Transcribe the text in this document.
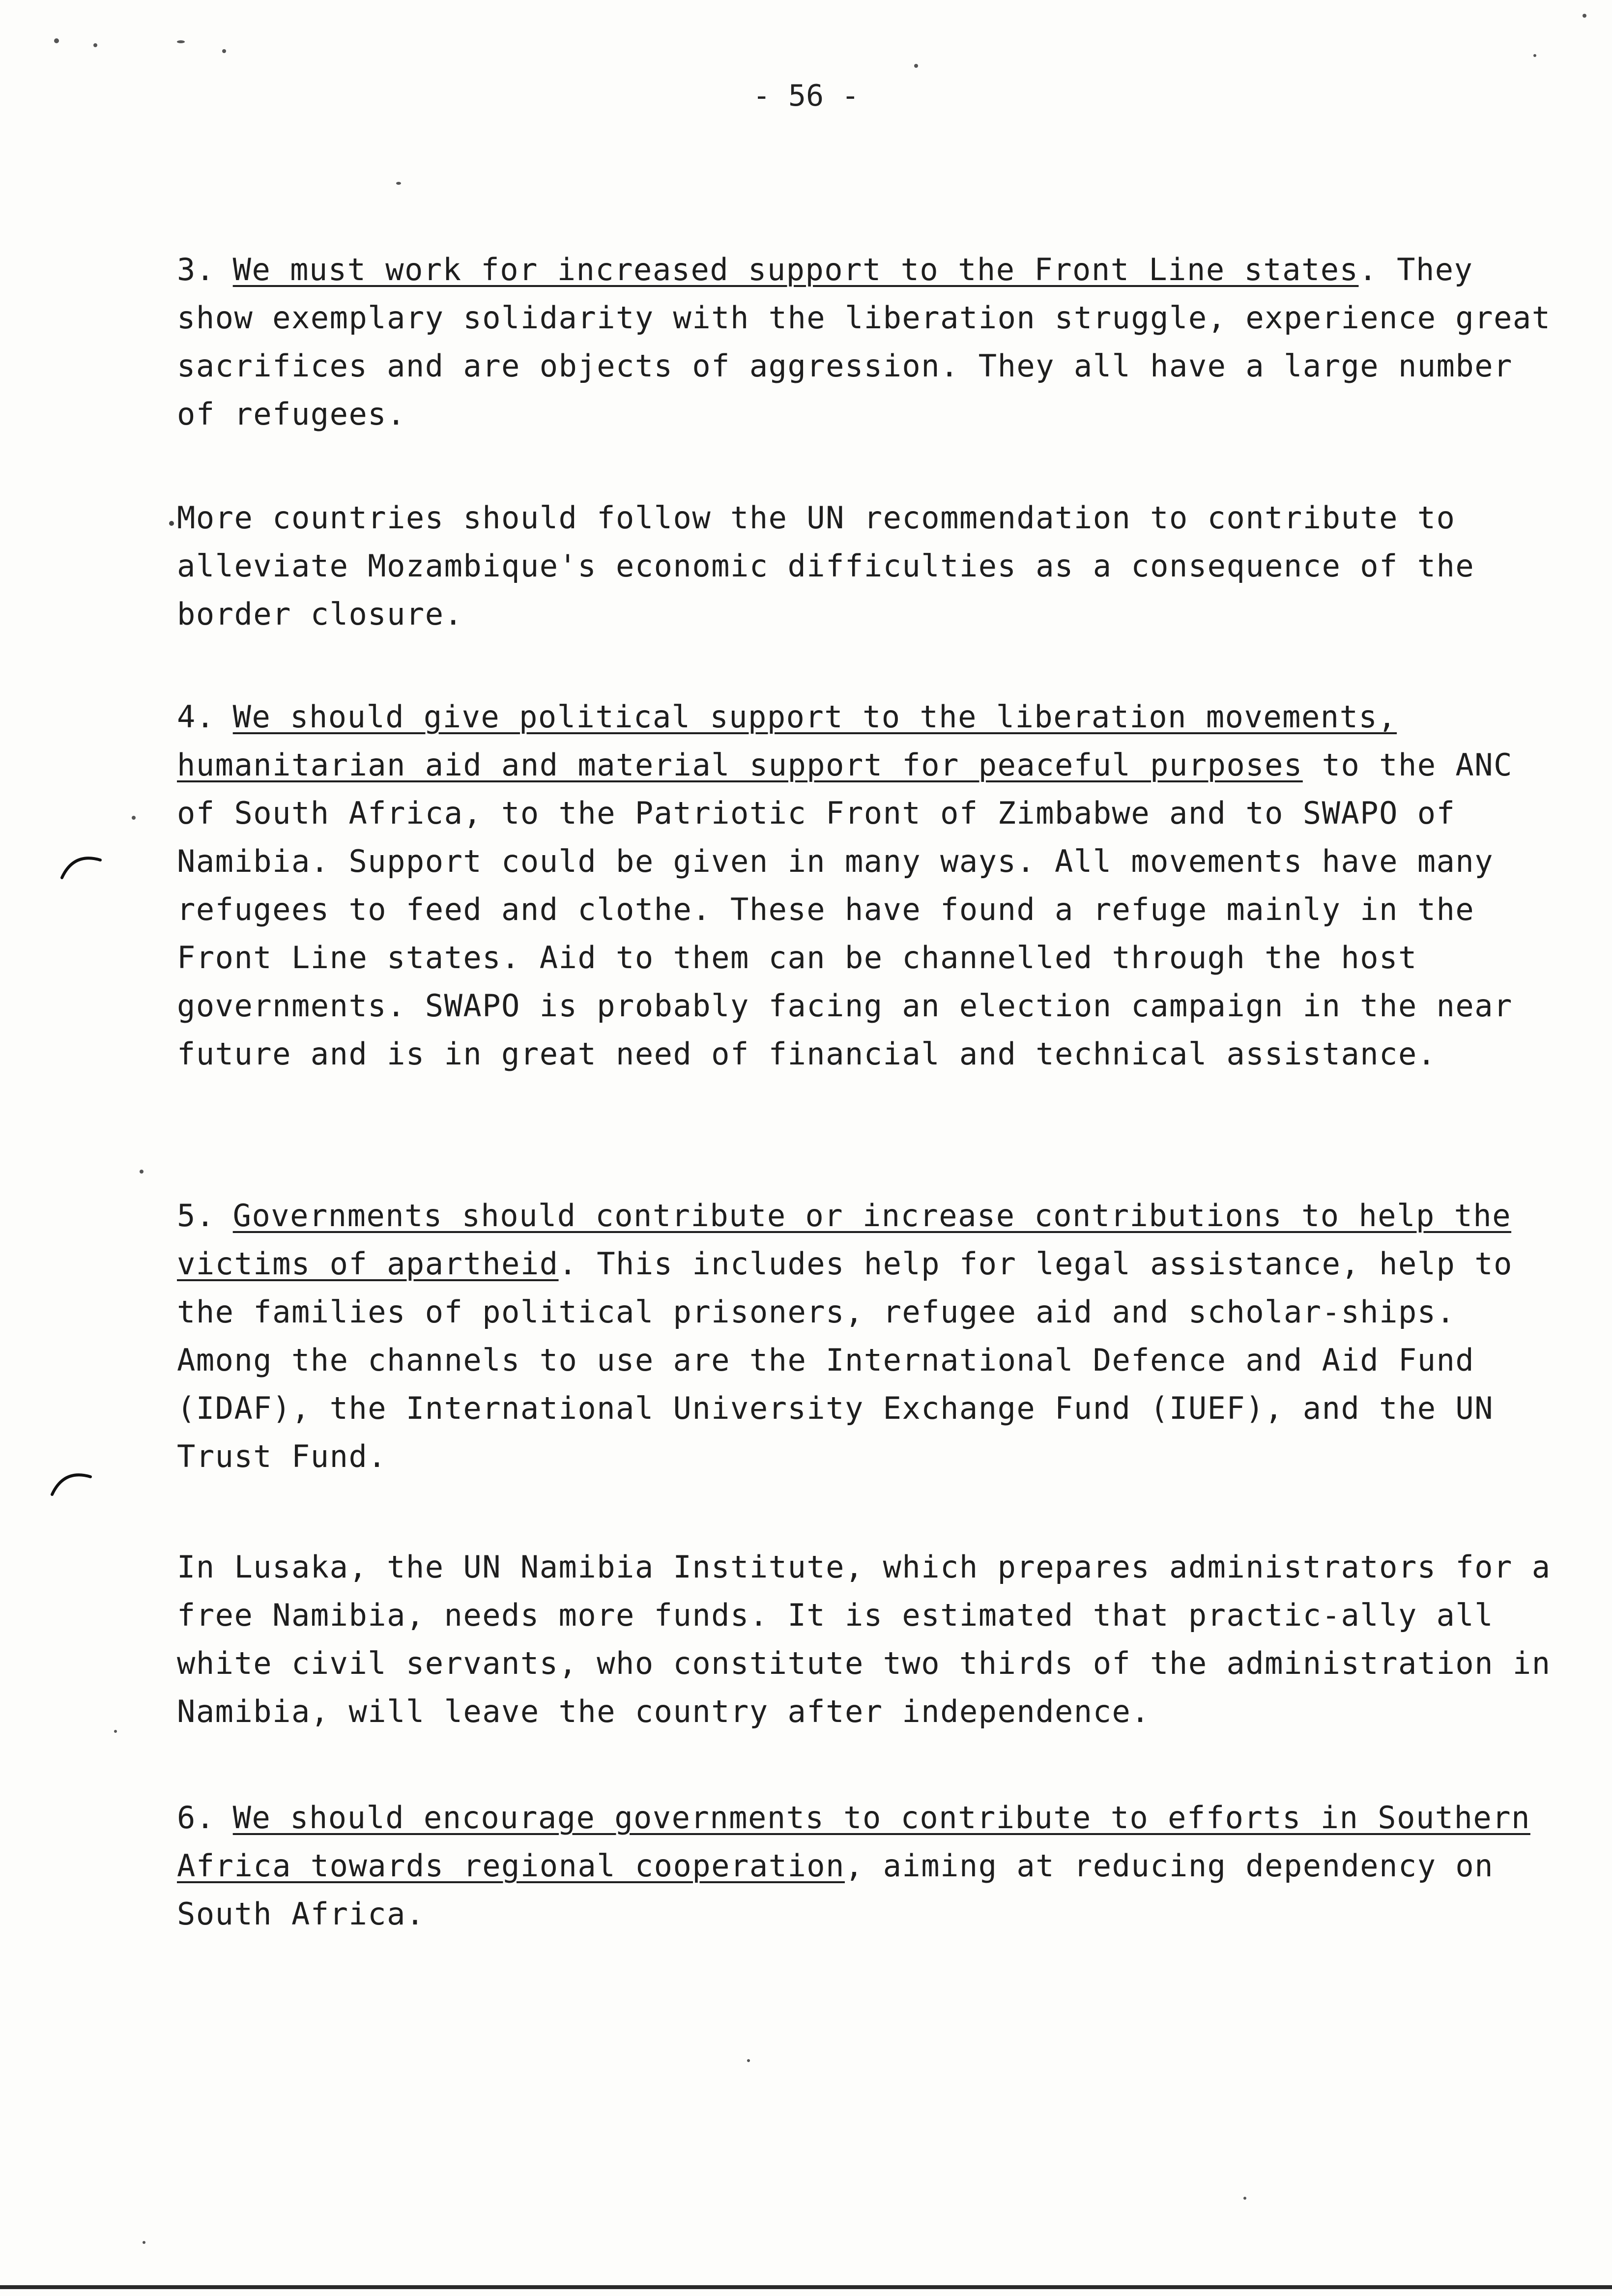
- 56 -

3. We must work for increased support to the Front Line states. They show exemplary solidarity with the liberation struggle, experience great sacrifices and are objects of aggression. They all have a large number of refugees.

More countries should follow the UN recommendation to contribute to alleviate Mozambique's economic difficulties as a consequence of the border closure.

4. We should give political support to the liberation movements, humanitarian aid and material support for peaceful purposes to the ANC of South Africa, to the Patriotic Front of Zimbabwe and to SWAPO of Namibia. Support could be given in many ways. All movements have many refugees to feed and clothe. These have found a refuge mainly in the Front Line states. Aid to them can be channelled through the host governments. SWAPO is probably facing an election campaign in the near future and is in great need of financial and technical assistance.

5. Governments should contribute or increase contributions to help the victims of apartheid. This includes help for legal assistance, help to the families of political prisoners, refugee aid and scholar-ships. Among the channels to use are the International Defence and Aid Fund (IDAF), the International University Exchange Fund (IUEF), and the UN Trust Fund.

In Lusaka, the UN Namibia Institute, which prepares administrators for a free Namibia, needs more funds. It is estimated that practic-ally all white civil servants, who constitute two thirds of the administration in Namibia, will leave the country after independence.

6. We should encourage governments to contribute to efforts in Southern Africa towards regional cooperation, aiming at reducing dependency on South Africa.
